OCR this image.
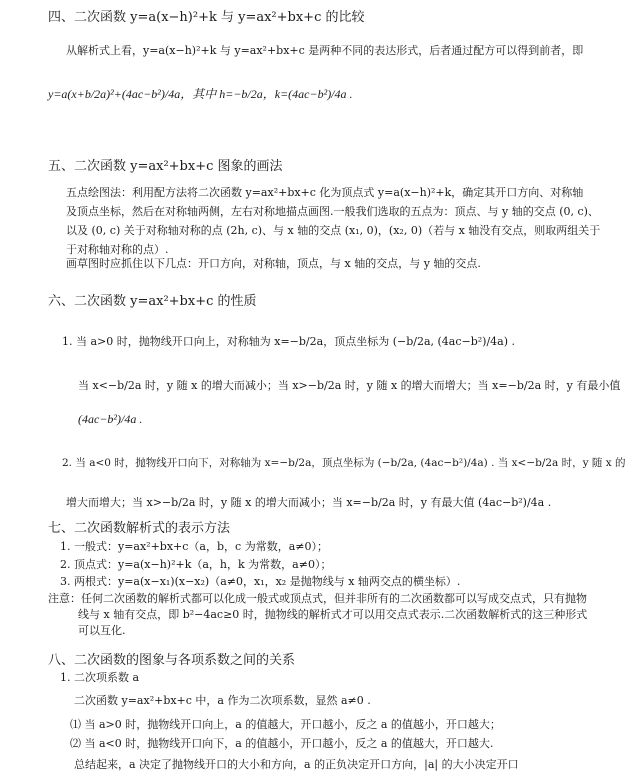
四、二次函数 y=a(x−h)²+k 与 y=ax²+bx+c 的比较
从解析式上看，y=a(x−h)²+k 与 y=ax²+bx+c 是两种不同的表达形式，后者通过配方可以得到前者，即
y=a(x+b/2a)²+(4ac−b²)/4a，其中 h=−b/2a，k=(4ac−b²)/4a .
五、二次函数 y=ax²+bx+c 图象的画法
五点绘图法：利用配方法将二次函数 y=ax²+bx+c 化为顶点式 y=a(x−h)²+k，确定其开口方向、对称轴
及顶点坐标，然后在对称轴两侧，左右对称地描点画图.一般我们选取的五点为：顶点、与 y 轴的交点 (0, c)、
以及 (0, c) 关于对称轴对称的点 (2h, c)、与 x 轴的交点 (x₁, 0)，(x₂, 0)（若与 x 轴没有交点，则取两组关于
于对称轴对称的点）.
画草图时应抓住以下几点：开口方向，对称轴，顶点，与 x 轴的交点，与 y 轴的交点.
六、二次函数 y=ax²+bx+c 的性质
1. 当 a>0 时，抛物线开口向上，对称轴为 x=−b/2a，顶点坐标为 (−b/2a, (4ac−b²)/4a) .
当 x<−b/2a 时，y 随 x 的增大而减小；当 x>−b/2a 时，y 随 x 的增大而增大；当 x=−b/2a 时，y 有最小值
(4ac−b²)/4a .
2. 当 a<0 时，抛物线开口向下，对称轴为 x=−b/2a，顶点坐标为 (−b/2a, (4ac−b²)/4a) . 当 x<−b/2a 时，y 随 x 的
增大而增大；当 x>−b/2a 时，y 随 x 的增大而减小；当 x=−b/2a 时，y 有最大值 (4ac−b²)/4a .
七、二次函数解析式的表示方法
1. 一般式：y=ax²+bx+c（a，b，c 为常数，a≠0）；
2. 顶点式：y=a(x−h)²+k（a，h，k 为常数，a≠0）；
3. 两根式：y=a(x−x₁)(x−x₂)（a≠0，x₁，x₂ 是抛物线与 x 轴两交点的横坐标）.
注意：任何二次函数的解析式都可以化成一般式或顶点式，但并非所有的二次函数都可以写成交点式，只有抛物
线与 x 轴有交点，即 b²−4ac≥0 时，抛物线的解析式才可以用交点式表示.二次函数解析式的这三种形式
可以互化.
八、二次函数的图象与各项系数之间的关系
1. 二次项系数 a
二次函数 y=ax²+bx+c 中，a 作为二次项系数，显然 a≠0 .
⑴ 当 a>0 时，抛物线开口向上，a 的值越大，开口越小，反之 a 的值越小，开口越大；
⑵ 当 a<0 时，抛物线开口向下，a 的值越小，开口越小，反之 a 的值越大，开口越大.
总结起来，a 决定了抛物线开口的大小和方向，a 的正负决定开口方向，|a| 的大小决定开口
